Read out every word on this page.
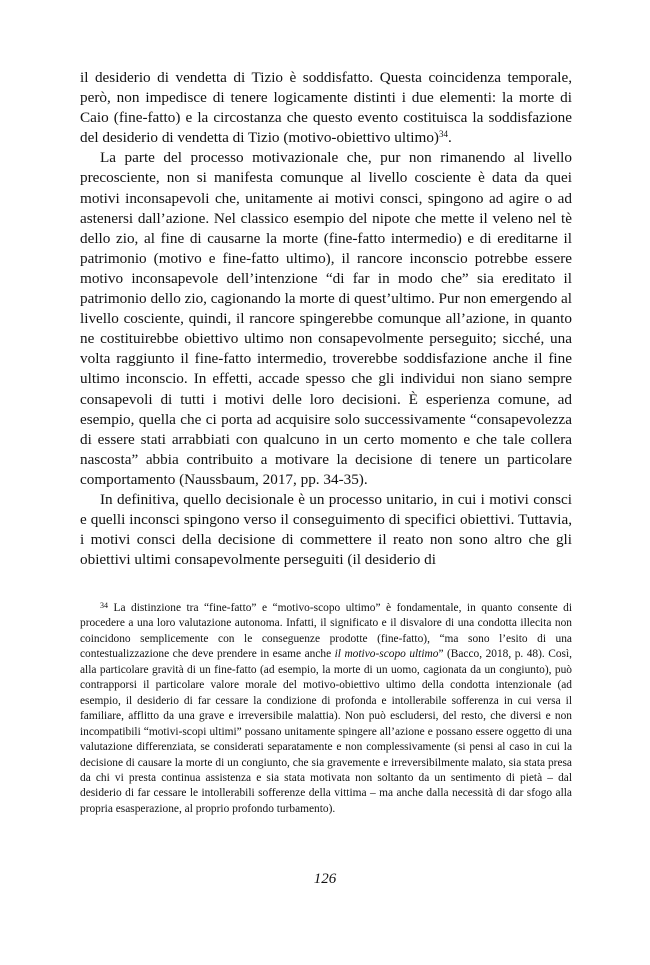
il desiderio di vendetta di Tizio è soddisfatto. Questa coincidenza temporale, però, non impedisce di tenere logicamente distinti i due elementi: la morte di Caio (fine-fatto) e la circostanza che questo evento costituisca la soddisfazione del desiderio di vendetta di Tizio (motivo-obiettivo ultimo)$^{34}$.

La parte del processo motivazionale che, pur non rimanendo al livello precosciente, non si manifesta comunque al livello cosciente è data da quei motivi inconsapevoli che, unitamente ai motivi consci, spingono ad agire o ad astenersi dall’azione. Nel classico esempio del nipote che mette il veleno nel tè dello zio, al fine di causarne la morte (fine-fatto intermedio) e di ereditarne il patrimonio (motivo e fine-fatto ultimo), il rancore inconscio potrebbe essere motivo inconsapevole dell’intenzione “di far in modo che” sia ereditato il patrimonio dello zio, cagionando la morte di quest’ultimo. Pur non emergendo al livello cosciente, quindi, il rancore spingerebbe comunque all’azione, in quanto ne costituirebbe obiettivo ultimo non consapevolmente perseguito; sicché, una volta raggiunto il fine-fatto intermedio, troverebbe soddisfazione anche il fine ultimo inconscio. In effetti, accade spesso che gli individui non siano sempre consapevoli di tutti i motivi delle loro decisioni. È esperienza comune, ad esempio, quella che ci porta ad acquisire solo successivamente “consapevolezza di essere stati arrabbiati con qualcuno in un certo momento e che tale collera nascosta” abbia contribuito a motivare la decisione di tenere un particolare comportamento (Naussbaum, 2017, pp. 34-35).

In definitiva, quello decisionale è un processo unitario, in cui i motivi consci e quelli inconsci spingono verso il conseguimento di specifici obiettivi. Tuttavia, i motivi consci della decisione di commettere il reato non sono altro che gli obiettivi ultimi consapevolmente perseguiti (il desiderio di

$^{34}$ La distinzione tra “fine-fatto” e “motivo-scopo ultimo” è fondamentale, in quanto consente di procedere a una loro valutazione autonoma. Infatti, il significato e il disvalore di una condotta illecita non coincidono semplicemente con le conseguenze prodotte (fine-fatto), “ma sono l’esito di una contestualizzazione che deve prendere in esame anche il motivo-scopo ultimo” (Bacco, 2018, p. 48). Così, alla particolare gravità di un fine-fatto (ad esempio, la morte di un uomo, cagionata da un congiunto), può contrapporsi il particolare valore morale del motivo-obiettivo ultimo della condotta intenzionale (ad esempio, il desiderio di far cessare la condizione di profonda e intollerabile sofferenza in cui versa il familiare, afflitto da una grave e irreversibile malattia). Non può escludersi, del resto, che diversi e non incompatibili “motivi-scopi ultimi” possano unitamente spingere all’azione e possano essere oggetto di una valutazione differenziata, se considerati separatamente e non complessivamente (si pensi al caso in cui la decisione di causare la morte di un congiunto, che sia gravemente e irreversibilmente malato, sia stata presa da chi vi presta continua assistenza e sia stata motivata non soltanto da un sentimento di pietà – dal desiderio di far cessare le intollerabili sofferenze della vittima – ma anche dalla necessità di dar sfogo alla propria esasperazione, al proprio profondo turbamento).

126
